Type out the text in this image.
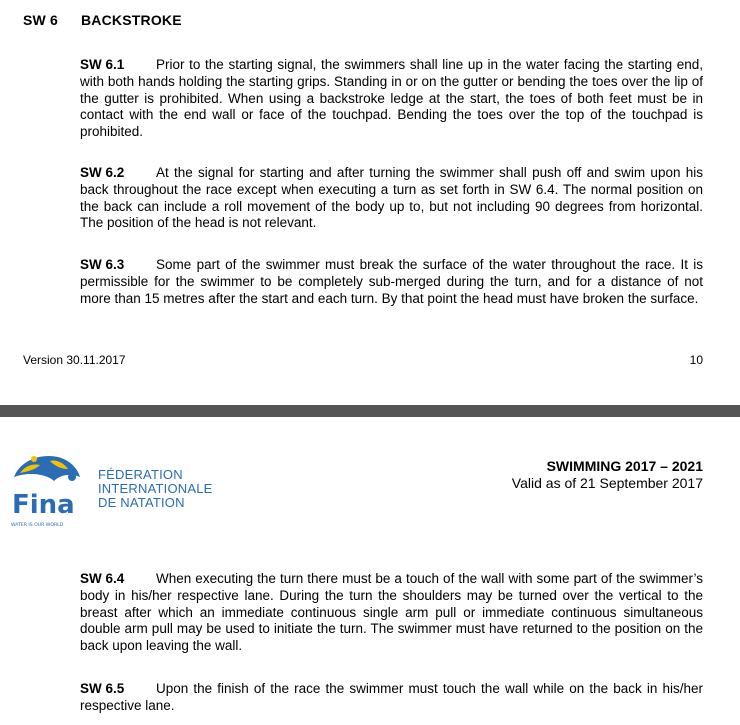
SW 6 BACKSTROKE
SW 6.1 Prior to the starting signal, the swimmers shall line up in the water facing the starting end, with both hands holding the starting grips. Standing in or on the gutter or bending the toes over the lip of the gutter is prohibited. When using a backstroke ledge at the start, the toes of both feet must be in contact with the end wall or face of the touchpad. Bending the toes over the top of the touchpad is prohibited.
SW 6.2 At the signal for starting and after turning the swimmer shall push off and swim upon his back throughout the race except when executing a turn as set forth in SW 6.4. The normal position on the back can include a roll movement of the body up to, but not including 90 degrees from horizontal. The position of the head is not relevant.
SW 6.3 Some part of the swimmer must break the surface of the water throughout the race. It is permissible for the swimmer to be completely sub-merged during the turn, and for a distance of not more than 15 metres after the start and each turn. By that point the head must have broken the surface.
Version 30.11.2017	10
Fina
WATER IS OUR WORLD
FÉDERATION
INTERNATIONALE
DE NATATION
SWIMMING 2017 – 2021
Valid as of 21 September 2017
SW 6.4 When executing the turn there must be a touch of the wall with some part of the swimmer’s body in his/her respective lane. During the turn the shoulders may be turned over the vertical to the breast after which an immediate continuous single arm pull or immediate continuous simultaneous double arm pull may be used to initiate the turn. The swimmer must have returned to the position on the back upon leaving the wall.
SW 6.5 Upon the finish of the race the swimmer must touch the wall while on the back in his/her respective lane.
